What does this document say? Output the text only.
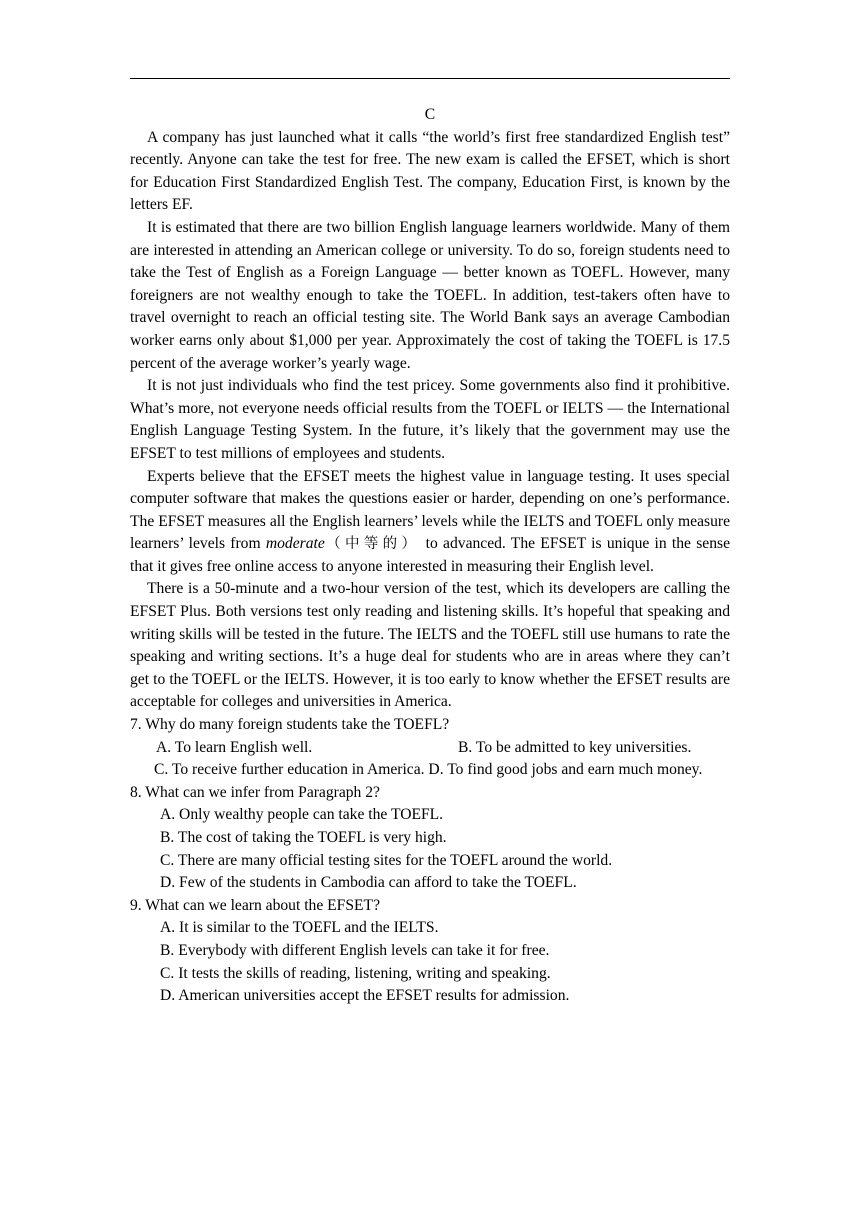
C

A company has just launched what it calls “the world’s first free standardized English test” recently. Anyone can take the test for free. The new exam is called the EFSET, which is short for Education First Standardized English Test. The company, Education First, is known by the letters EF.

It is estimated that there are two billion English language learners worldwide. Many of them are interested in attending an American college or university. To do so, foreign students need to take the Test of English as a Foreign Language — better known as TOEFL. However, many foreigners are not wealthy enough to take the TOEFL. In addition, test-takers often have to travel overnight to reach an official testing site. The World Bank says an average Cambodian worker earns only about $1,000 per year. Approximately the cost of taking the TOEFL is 17.5 percent of the average worker’s yearly wage.

It is not just individuals who find the test pricey. Some governments also find it prohibitive. What’s more, not everyone needs official results from the TOEFL or IELTS — the International English Language Testing System. In the future, it’s likely that the government may use the EFSET to test millions of employees and students.

Experts believe that the EFSET meets the highest value in language testing. It uses special computer software that makes the questions easier or harder, depending on one’s performance. The EFSET measures all the English learners’ levels while the IELTS and TOEFL only measure learners’ levels from moderate（中等的） to advanced. The EFSET is unique in the sense that it gives free online access to anyone interested in measuring their English level.

There is a 50-minute and a two-hour version of the test, which its developers are calling the EFSET Plus. Both versions test only reading and listening skills. It’s hopeful that speaking and writing skills will be tested in the future. The IELTS and the TOEFL still use humans to rate the speaking and writing sections. It’s a huge deal for students who are in areas where they can’t get to the TOEFL or the IELTS. However, it is too early to know whether the EFSET results are acceptable for colleges and universities in America.

7. Why do many foreign students take the TOEFL?

A. To learn English well.	B. To be admitted to key universities.

C. To receive further education in America. D. To find good jobs and earn much money.

8. What can we infer from Paragraph 2?

A. Only wealthy people can take the TOEFL.

B. The cost of taking the TOEFL is very high.

C. There are many official testing sites for the TOEFL around the world.

D. Few of the students in Cambodia can afford to take the TOEFL.

9. What can we learn about the EFSET?

A. It is similar to the TOEFL and the IELTS.

B. Everybody with different English levels can take it for free.

C. It tests the skills of reading, listening, writing and speaking.

D. American universities accept the EFSET results for admission.
